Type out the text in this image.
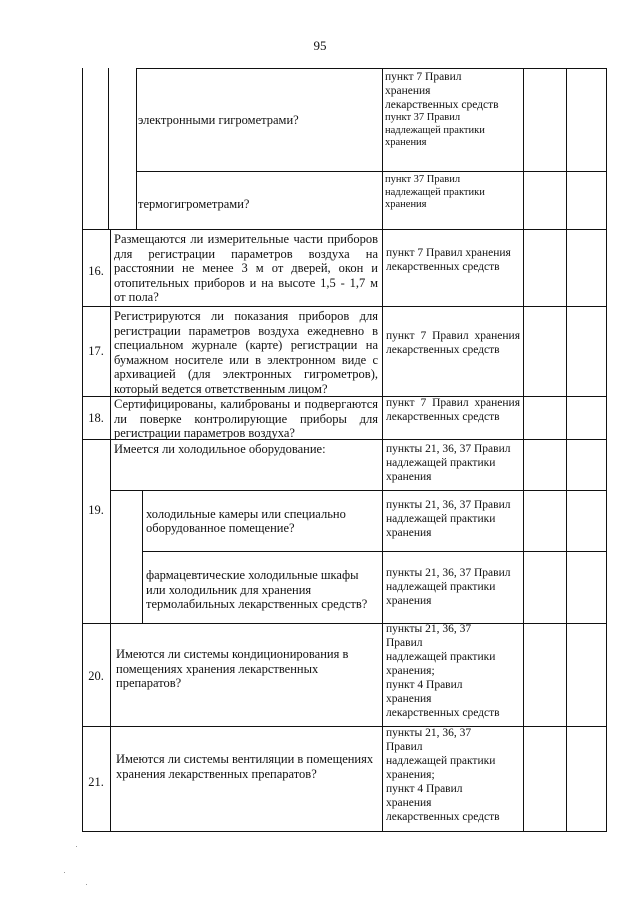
95
электронными гигрометрами?
пункт 7 Правил
хранения
лекарственных средств
пункт 37 Правил
надлежащей практики
хранения
термогигрометрами?
пункт 37 Правил
надлежащей практики
хранения
16.
Размещаются ли измерительные части приборов для регистрации параметров воздуха на расстоянии не менее 3 м от дверей, окон и отопительных приборов и на высоте 1,5 - 1,7 м от пола?
пункт 7 Правил хранения лекарственных средств
17.
Регистрируются ли показания приборов для регистрации параметров воздуха ежедневно в специальном журнале (карте) регистрации на бумажном носителе или в электронном виде с архивацией (для электронных гигрометров), который ведется ответственным лицом?
пункт 7 Правил хранения лекарственных средств
18.
Сертифицированы, калиброваны и подвергаются ли поверке контролирующие приборы для регистрации параметров воздуха?
пункт 7 Правил хранения лекарственных средств
19.
Имеется ли холодильное оборудование:	пункты 21, 36, 37 Правил надлежащей практики хранения
холодильные камеры или специально оборудованное помещение?
пункты 21, 36, 37 Правил надлежащей практики хранения
фармацевтические холодильные шкафы или холодильник для хранения термолабильных лекарственных средств?
пункты 21, 36, 37 Правил надлежащей практики хранения
20.
Имеются ли системы кондиционирования в помещениях хранения лекарственных препаратов?
пункты 21, 36, 37
Правил
надлежащей практики
хранения;
пункт 4 Правил
хранения
лекарственных средств
21.
Имеются ли системы вентиляции в помещениях хранения лекарственных препаратов?
пункты 21, 36, 37
Правил
надлежащей практики
хранения;
пункт 4 Правил
хранения
лекарственных средств
